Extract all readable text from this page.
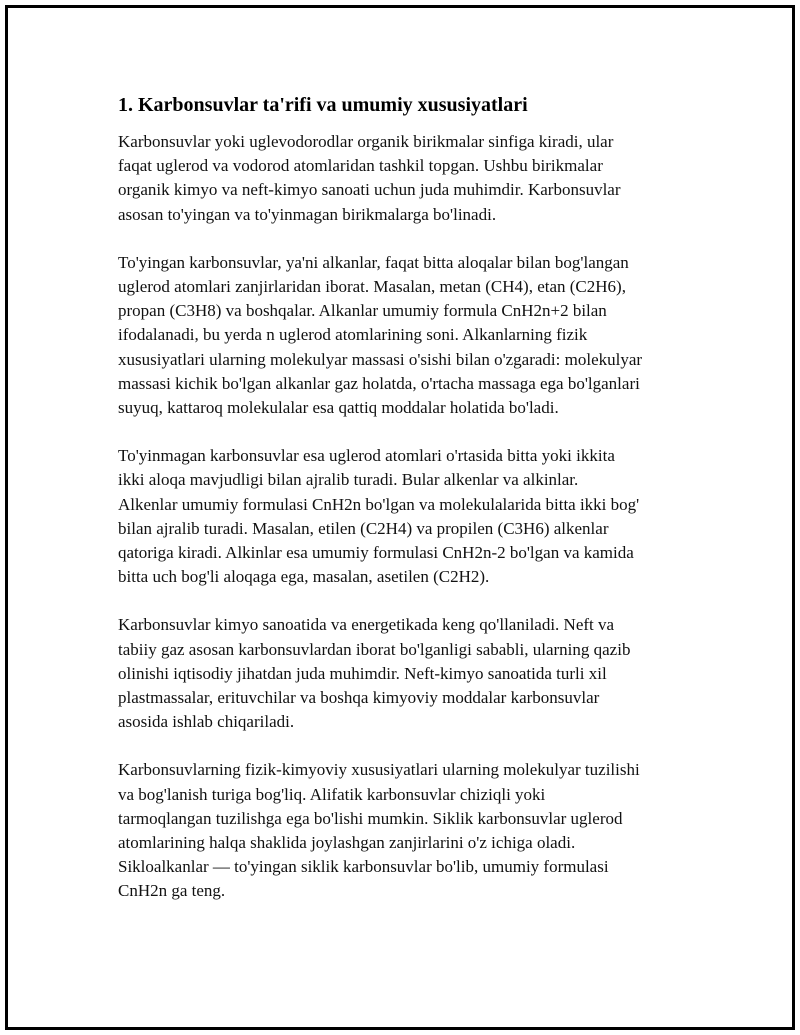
1. Karbonsuvlar ta'rifi va umumiy xususiyatlari

Karbonsuvlar yoki uglevodorodlar organik birikmalar sinfiga kiradi, ular
faqat uglerod va vodorod atomlaridan tashkil topgan. Ushbu birikmalar
organik kimyo va neft-kimyo sanoati uchun juda muhimdir. Karbonsuvlar
asosan to'yingan va to'yinmagan birikmalarga bo'linadi.

To'yingan karbonsuvlar, ya'ni alkanlar, faqat bitta aloqalar bilan bog'langan
uglerod atomlari zanjirlaridan iborat. Masalan, metan (CH4), etan (C2H6),
propan (C3H8) va boshqalar. Alkanlar umumiy formula CnH2n+2 bilan
ifodalanadi, bu yerda n uglerod atomlarining soni. Alkanlarning fizik
xususiyatlari ularning molekulyar massasi o'sishi bilan o'zgaradi: molekulyar
massasi kichik bo'lgan alkanlar gaz holatda, o'rtacha massaga ega bo'lganlari
suyuq, kattaroq molekulalar esa qattiq moddalar holatida bo'ladi.

To'yinmagan karbonsuvlar esa uglerod atomlari o'rtasida bitta yoki ikkita
ikki aloqa mavjudligi bilan ajralib turadi. Bular alkenlar va alkinlar.
Alkenlar umumiy formulasi CnH2n bo'lgan va molekulalarida bitta ikki bog'
bilan ajralib turadi. Masalan, etilen (C2H4) va propilen (C3H6) alkenlar
qatoriga kiradi. Alkinlar esa umumiy formulasi CnH2n-2 bo'lgan va kamida
bitta uch bog'li aloqaga ega, masalan, asetilen (C2H2).

Karbonsuvlar kimyo sanoatida va energetikada keng qo'llaniladi. Neft va
tabiiy gaz asosan karbonsuvlardan iborat bo'lganligi sababli, ularning qazib
olinishi iqtisodiy jihatdan juda muhimdir. Neft-kimyo sanoatida turli xil
plastmassalar, erituvchilar va boshqa kimyoviy moddalar karbonsuvlar
asosida ishlab chiqariladi.

Karbonsuvlarning fizik-kimyoviy xususiyatlari ularning molekulyar tuzilishi
va bog'lanish turiga bog'liq. Alifatik karbonsuvlar chiziqli yoki
tarmoqlangan tuzilishga ega bo'lishi mumkin. Siklik karbonsuvlar uglerod
atomlarining halqa shaklida joylashgan zanjirlarini o'z ichiga oladi.
Sikloalkanlar — to'yingan siklik karbonsuvlar bo'lib, umumiy formulasi
CnH2n ga teng.
